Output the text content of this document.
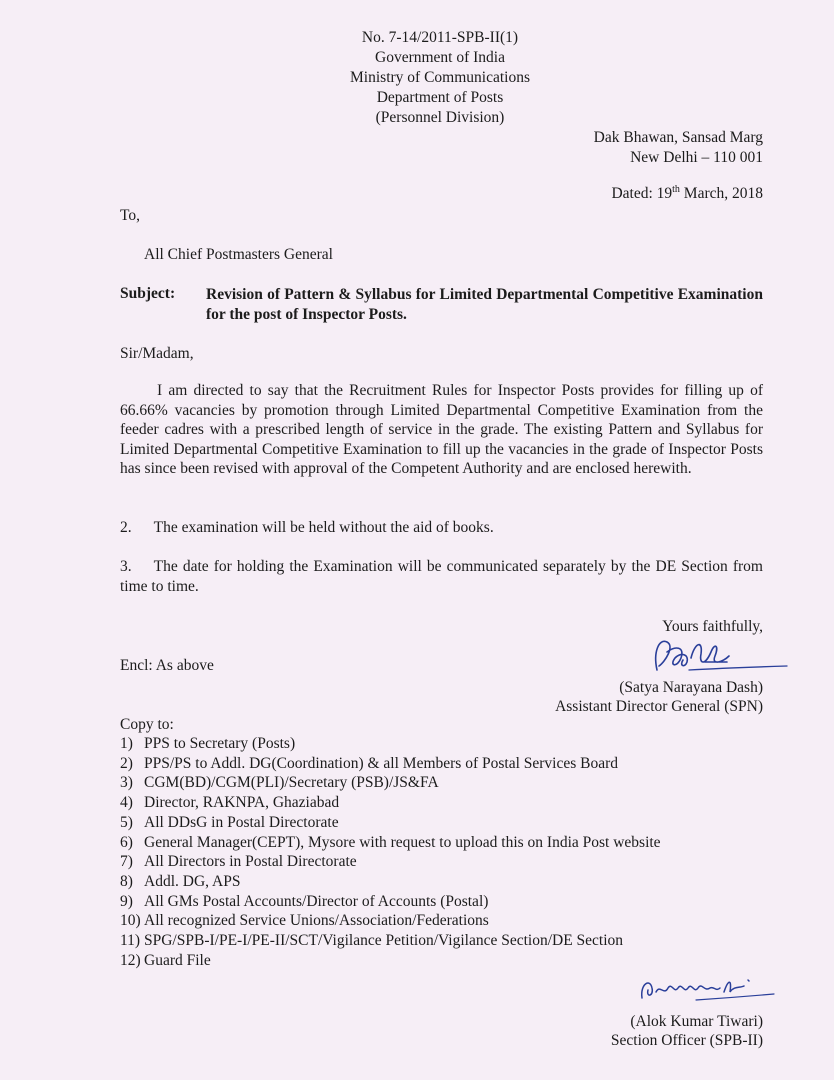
No. 7-14/2011-SPB-II(1)
Government of India
Ministry of Communications
Department of Posts
(Personnel Division)
Dak Bhawan, Sansad Marg
New Delhi – 110 001
Dated: 19th March, 2018
To,
All Chief Postmasters General
Subject: Revision of Pattern & Syllabus for Limited Departmental Competitive Examination for the post of Inspector Posts.
Sir/Madam,
I am directed to say that the Recruitment Rules for Inspector Posts provides for filling up of 66.66% vacancies by promotion through Limited Departmental Competitive Examination from the feeder cadres with a prescribed length of service in the grade. The existing Pattern and Syllabus for Limited Departmental Competitive Examination to fill up the vacancies in the grade of Inspector Posts has since been revised with approval of the Competent Authority and are enclosed herewith.
2. The examination will be held without the aid of books.
3. The date for holding the Examination will be communicated separately by the DE Section from time to time.
Yours faithfully,
Encl: As above
(Satya Narayana Dash)
Assistant Director General (SPN)
Copy to:
1) PPS to Secretary (Posts)
2) PPS/PS to Addl. DG(Coordination) & all Members of Postal Services Board
3) CGM(BD)/CGM(PLI)/Secretary (PSB)/JS&FA
4) Director, RAKNPA, Ghaziabad
5) All DDsG in Postal Directorate
6) General Manager(CEPT), Mysore with request to upload this on India Post website
7) All Directors in Postal Directorate
8) Addl. DG, APS
9) All GMs Postal Accounts/Director of Accounts (Postal)
10) All recognized Service Unions/Association/Federations
11) SPG/SPB-I/PE-I/PE-II/SCT/Vigilance Petition/Vigilance Section/DE Section
12) Guard File
(Alok Kumar Tiwari)
Section Officer (SPB-II)
